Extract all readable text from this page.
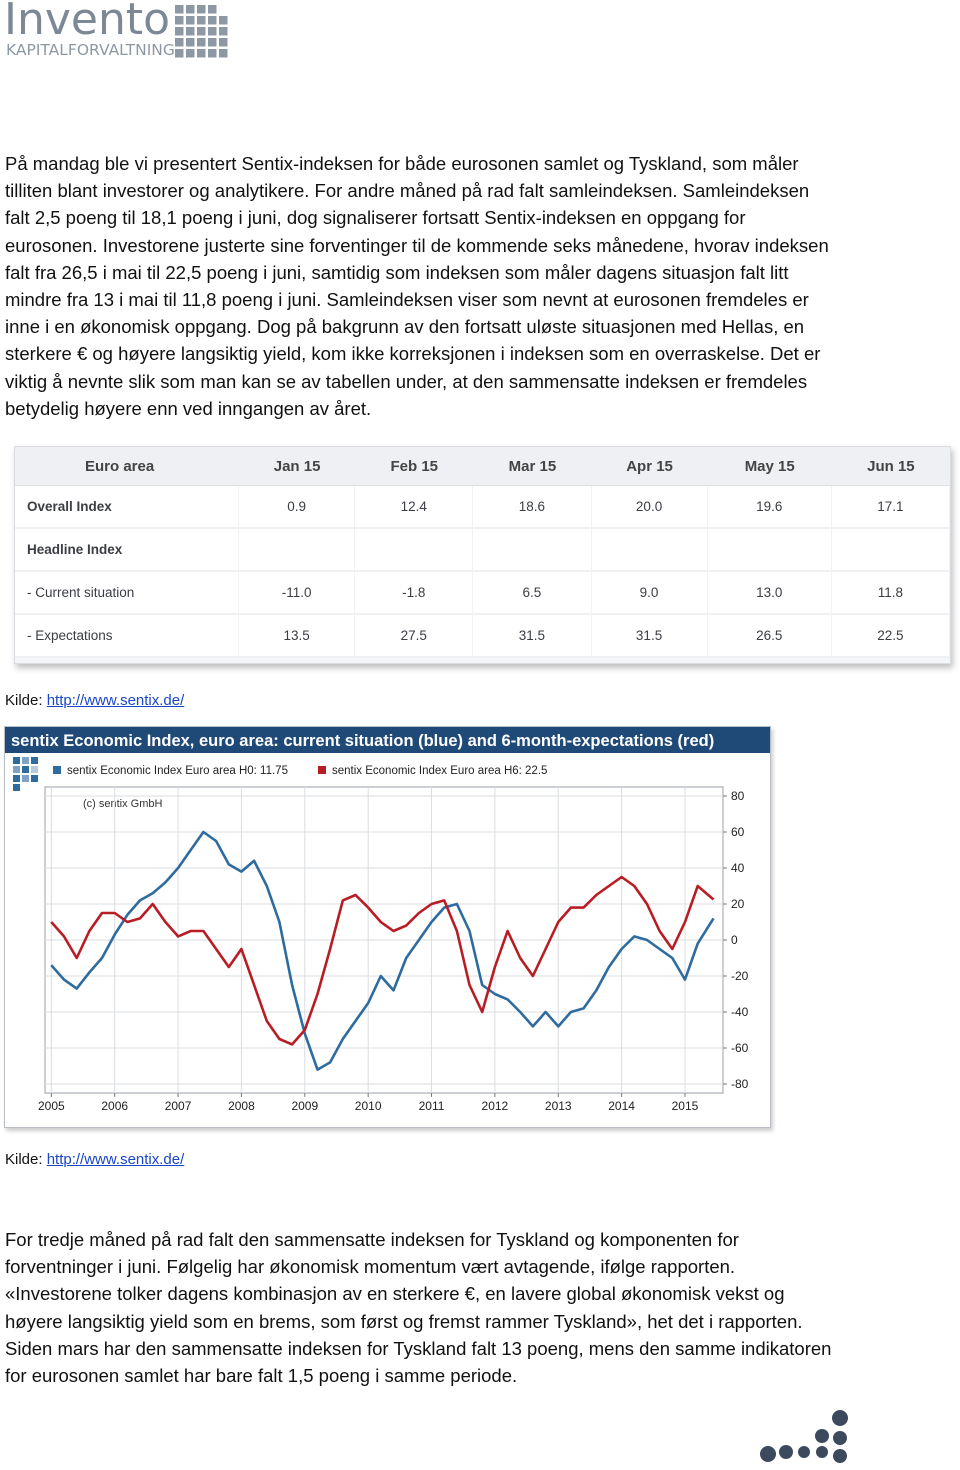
Invento
KAPITALFORVALTNING

På mandag ble vi presentert Sentix-indeksen for både eurosonen samlet og Tyskland, som måler

tilliten blant investorer og analytikere. For andre måned på rad falt samleindeksen. Samleindeksen

falt 2,5 poeng til 18,1 poeng i juni, dog signaliserer fortsatt Sentix-indeksen en oppgang for

eurosonen. Investorene justerte sine forventinger til de kommende seks månedene, hvorav indeksen

falt fra 26,5 i mai til 22,5 poeng i juni, samtidig som indeksen som måler dagens situasjon falt litt

mindre fra 13 i mai til 11,8 poeng i juni. Samleindeksen viser som nevnt at eurosonen fremdeles er

inne i en økonomisk oppgang. Dog på bakgrunn av den fortsatt uløste situasjonen med Hellas, en

sterkere € og høyere langsiktig yield, kom ikke korreksjonen i indeksen som en overraskelse. Det er

viktig å nevnte slik som man kan se av tabellen under, at den sammensatte indeksen er fremdeles

betydelig høyere enn ved inngangen av året.

Euro area	Jan 15	Feb 15	Mar 15	Apr 15	May 15	Jun 15
Overall Index	0.9	12.4	18.6	20.0	19.6	17.1
Headline Index						
- Current situation	-11.0	-1.8	6.5	9.0	13.0	11.8
- Expectations	13.5	27.5	31.5	31.5	26.5	22.5
Kilde: http://www.sentix.de/
sentix Economic Index, euro area: current situation (blue) and 6-month-expectations (red)
sentix Economic Index Euro area H0: 11.75	sentix Economic Index Euro area H6: 22.5
(c) sentix GmbH
80
60
40
20
0
-20
-40
-60
-80
2005	2006	2007	2008	2009	2010	2011	2012	2013	2014	2015
Kilde: http://www.sentix.de/

For tredje måned på rad falt den sammensatte indeksen for Tyskland og komponenten for

forventninger i juni. Følgelig har økonomisk momentum vært avtagende, ifølge rapporten.

«Investorene tolker dagens kombinasjon av en sterkere €, en lavere global økonomisk vekst og

høyere langsiktig yield som en brems, som først og fremst rammer Tyskland», het det i rapporten.

Siden mars har den sammensatte indeksen for Tyskland falt 13 poeng, mens den samme indikatoren

for eurosonen samlet har bare falt 1,5 poeng i samme periode.
